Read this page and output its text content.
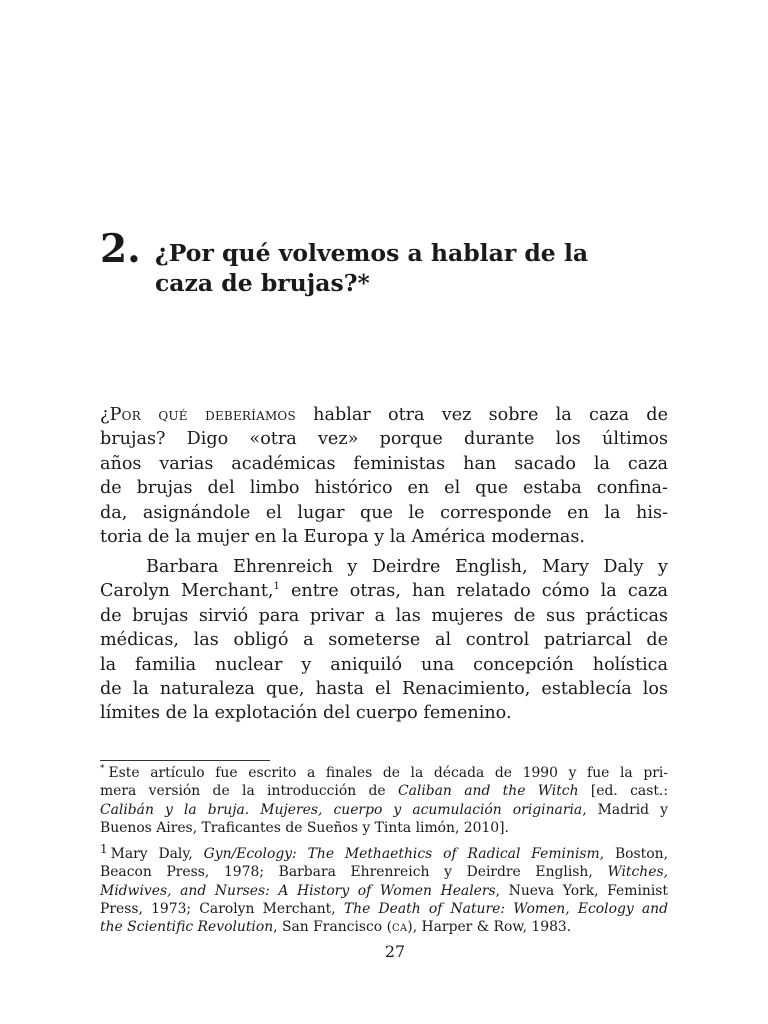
2. ¿Por qué volvemos a hablar de la
caza de brujas?*
¿Por qué deberíamos hablar otra vez sobre la caza de
brujas? Digo «otra vez» porque durante los últimos
años varias académicas feministas han sacado la caza
de brujas del limbo histórico en el que estaba confina-
da, asignándole el lugar que le corresponde en la his-
toria de la mujer en la Europa y la América modernas.
Barbara Ehrenreich y Deirdre English, Mary Daly y
Carolyn Merchant,$^1$ entre otras, han relatado cómo la caza
de brujas sirvió para privar a las mujeres de sus prácticas
médicas, las obligó a someterse al control patriarcal de
la familia nuclear y aniquiló una concepción holística
de la naturaleza que, hasta el Renacimiento, establecía los
límites de la explotación del cuerpo femenino.
* Este artículo fue escrito a finales de la década de 1990 y fue la pri-
mera versión de la introducción de Caliban and the Witch [ed. cast.:
Calibán y la bruja. Mujeres, cuerpo y acumulación originaria, Madrid y
Buenos Aires, Traficantes de Sueños y Tinta limón, 2010].
1 Mary Daly, Gyn/Ecology: The Methaethics of Radical Feminism, Boston,
Beacon Press, 1978; Barbara Ehrenreich y Deirdre English, Witches,
Midwives, and Nurses: A History of Women Healers, Nueva York, Feminist
Press, 1973; Carolyn Merchant, The Death of Nature: Women, Ecology and
the Scientific Revolution, San Francisco (ca), Harper & Row, 1983.
27
